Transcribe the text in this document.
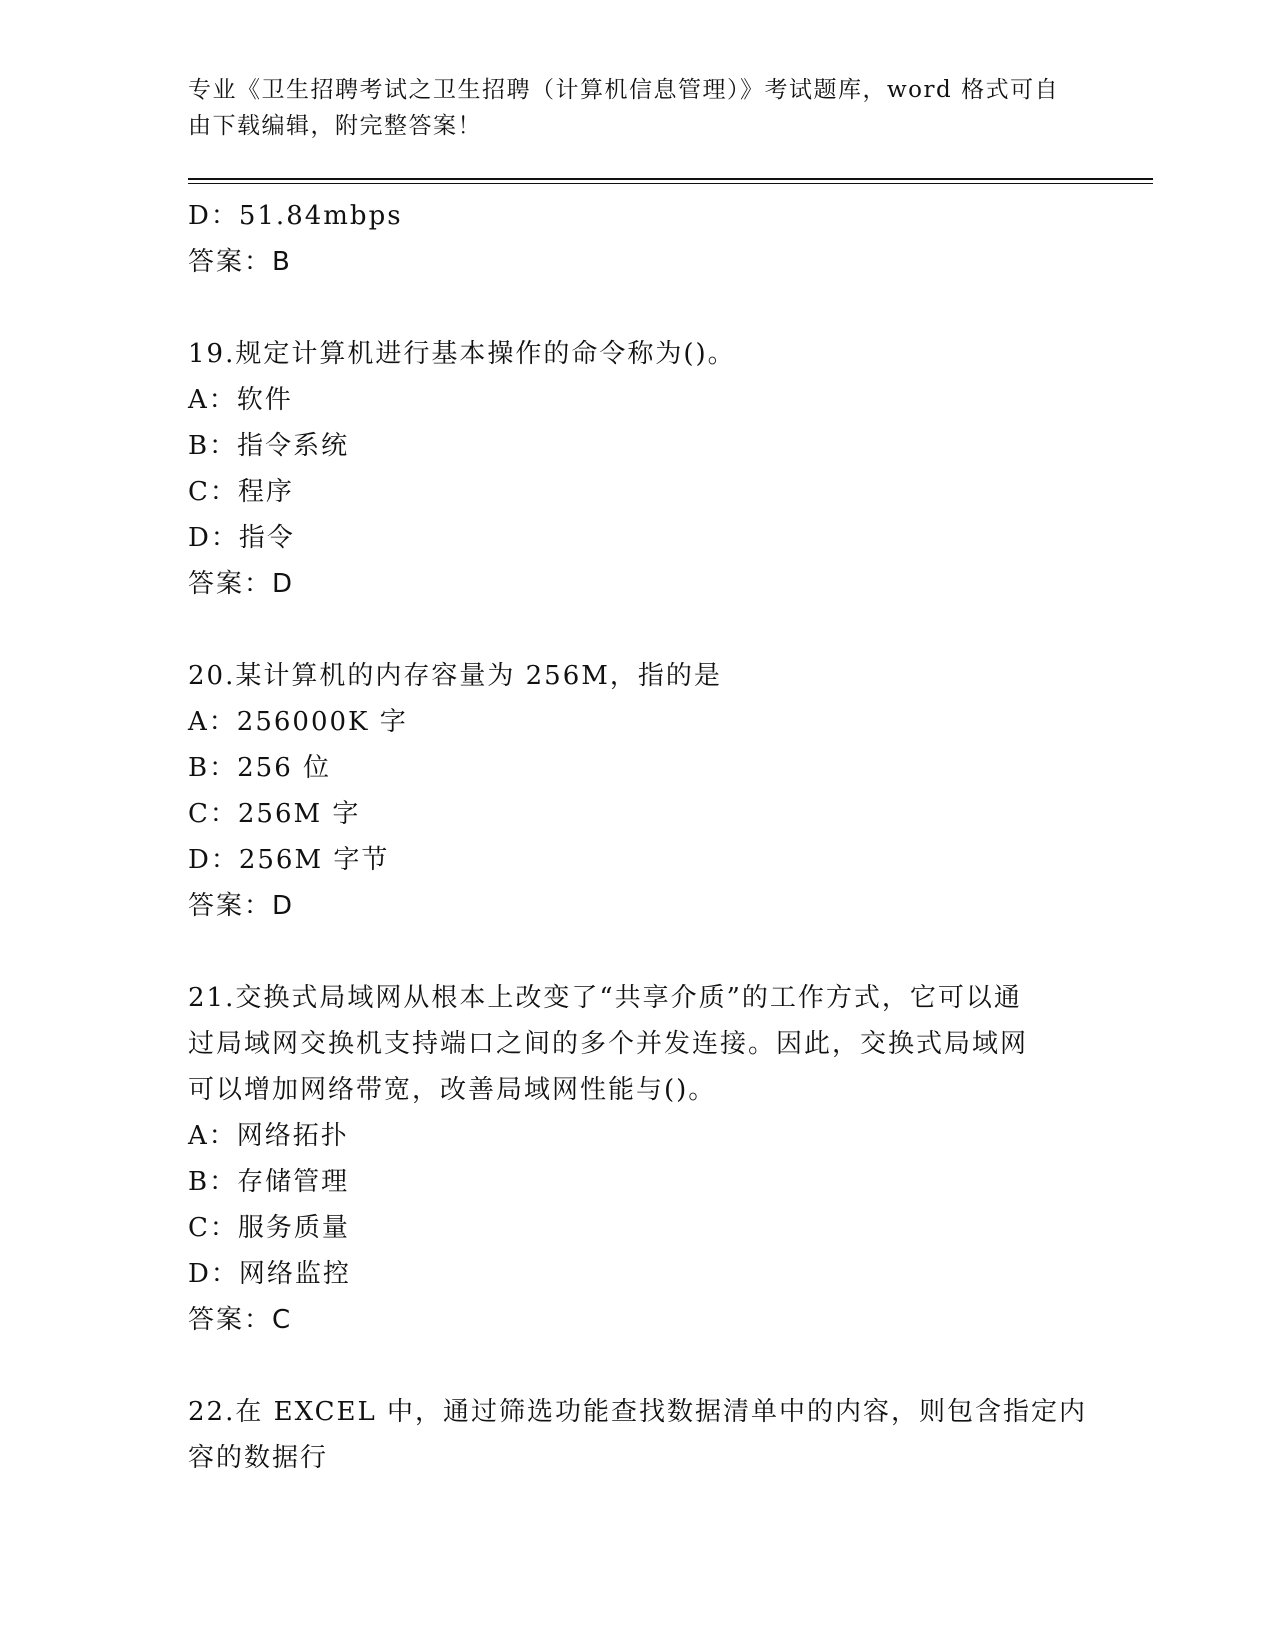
专业《卫生招聘考试之卫生招聘（计算机信息管理）》考试题库，word 格式可自
由下载编辑，附完整答案！
D：51.84mbps
答案：B
19.规定计算机进行基本操作的命令称为()。
A：软件
B：指令系统
C：程序
D：指令
答案：D
20.某计算机的内存容量为 256M，指的是
A：256000K 字
B：256 位
C：256M 字
D：256M 字节
答案：D
21.交换式局域网从根本上改变了“共享介质”的工作方式，它可以通
过局域网交换机支持端口之间的多个并发连接。因此，交换式局域网
可以增加网络带宽，改善局域网性能与()。
A：网络拓扑
B：存储管理
C：服务质量
D：网络监控
答案：C
22.在 EXCEL 中，通过筛选功能查找数据清单中的内容，则包含指定内
容的数据行
